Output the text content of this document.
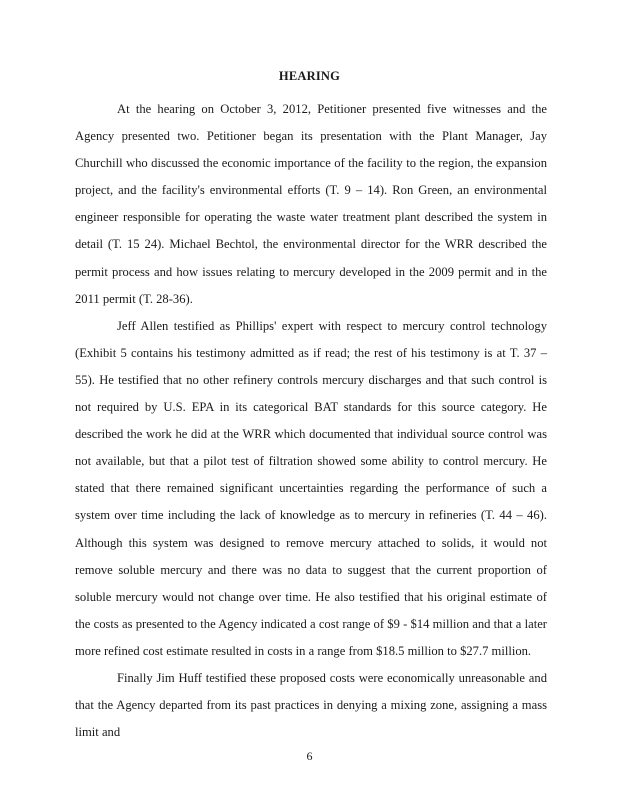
HEARING

At the hearing on October 3, 2012, Petitioner presented five witnesses and the Agency presented two. Petitioner began its presentation with the Plant Manager, Jay Churchill who discussed the economic importance of the facility to the region, the expansion project, and the facility's environmental efforts (T. 9 – 14). Ron Green, an environmental engineer responsible for operating the waste water treatment plant described the system in detail (T. 15 24). Michael Bechtol, the environmental director for the WRR described the permit process and how issues relating to mercury developed in the 2009 permit and in the 2011 permit (T. 28-36).

Jeff Allen testified as Phillips' expert with respect to mercury control technology (Exhibit 5 contains his testimony admitted as if read; the rest of his testimony is at T. 37 – 55). He testified that no other refinery controls mercury discharges and that such control is not required by U.S. EPA in its categorical BAT standards for this source category. He described the work he did at the WRR which documented that individual source control was not available, but that a pilot test of filtration showed some ability to control mercury. He stated that there remained significant uncertainties regarding the performance of such a system over time including the lack of knowledge as to mercury in refineries (T. 44 – 46). Although this system was designed to remove mercury attached to solids, it would not remove soluble mercury and there was no data to suggest that the current proportion of soluble mercury would not change over time. He also testified that his original estimate of the costs as presented to the Agency indicated a cost range of $9 - $14 million and that a later more refined cost estimate resulted in costs in a range from $18.5 million to $27.7 million.

Finally Jim Huff testified these proposed costs were economically unreasonable and that the Agency departed from its past practices in denying a mixing zone, assigning a mass limit and

6
